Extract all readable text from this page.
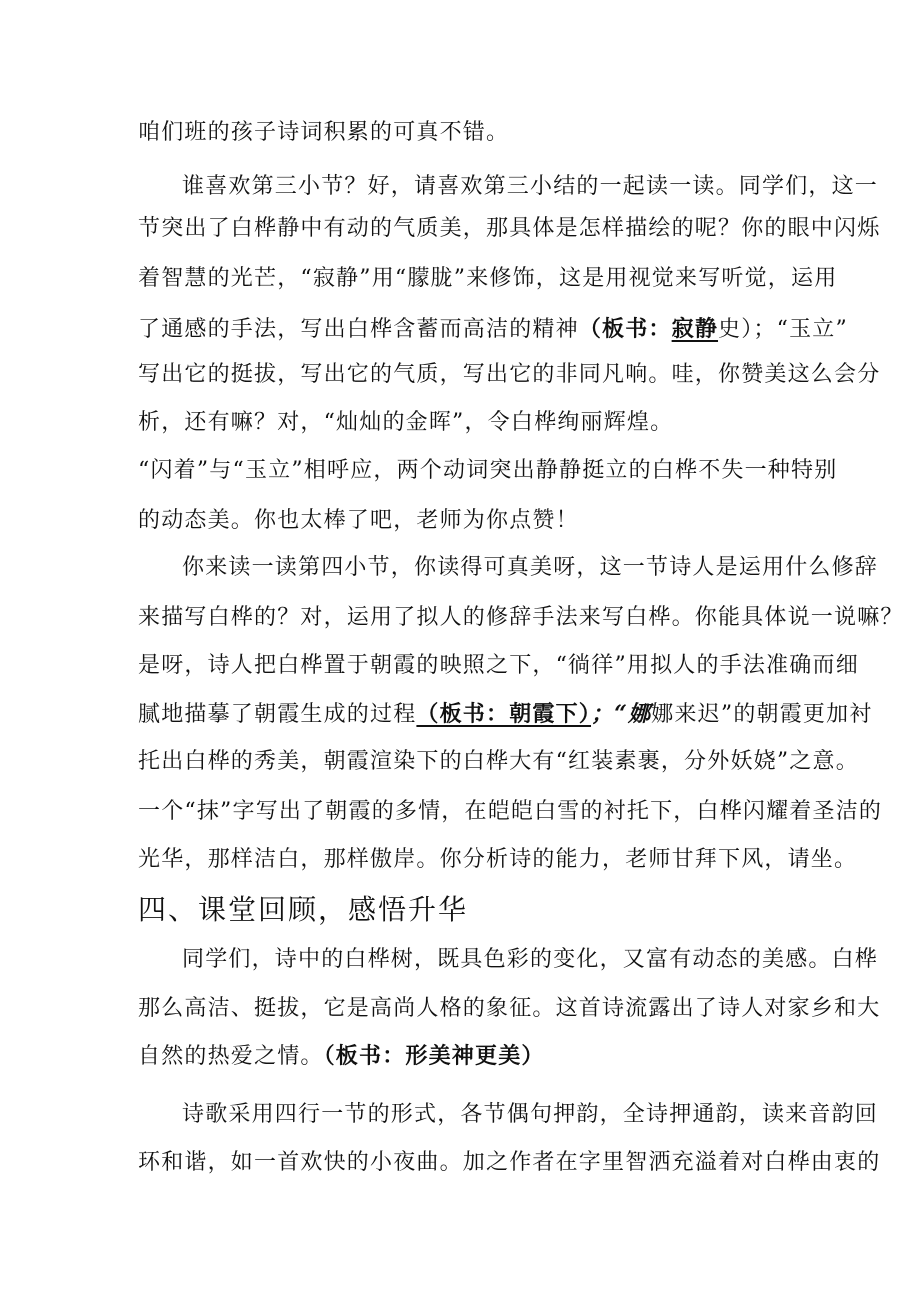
咱们班的孩子诗词积累的可真不错。
谁喜欢第三小节？好，请喜欢第三小结的一起读一读。同学们，这一
节突出了白桦静中有动的气质美，那具体是怎样描绘的呢？你的眼中闪烁
着智慧的光芒，“寂静”用“朦胧”来修饰，这是用视觉来写听觉，运用
了通感的手法，写出白桦含蓄而高洁的精神（板书：寂静史）；“玉立”
写出它的挺拔，写出它的气质，写出它的非同凡响。哇，你赞美这么会分
析，还有嘛？对，“灿灿的金晖”，令白桦绚丽辉煌。
“闪着”与“玉立”相呼应，两个动词突出静静挺立的白桦不失一种特别
的动态美。你也太棒了吧，老师为你点赞！
你来读一读第四小节，你读得可真美呀，这一节诗人是运用什么修辞
来描写白桦的？对，运用了拟人的修辞手法来写白桦。你能具体说一说嘛？
是呀，诗人把白桦置于朝霞的映照之下，“徜徉”用拟人的手法准确而细
腻地描摹了朝霞生成的过程（板书：朝霞下）；“娜娜来迟”的朝霞更加衬
托出白桦的秀美，朝霞渲染下的白桦大有“红装素裹，分外妖娆”之意。
一个“抹”字写出了朝霞的多情，在皑皑白雪的衬托下，白桦闪耀着圣洁的
光华，那样洁白，那样傲岸。你分析诗的能力，老师甘拜下风，请坐。
四、课堂回顾，感悟升华
同学们，诗中的白桦树，既具色彩的变化，又富有动态的美感。白桦
那么高洁、挺拔，它是高尚人格的象征。这首诗流露出了诗人对家乡和大
自然的热爱之情。（板书：形美神更美）
诗歌采用四行一节的形式，各节偶句押韵，全诗押通韵，读来音韵回
环和谐，如一首欢快的小夜曲。加之作者在字里智洒充溢着对白桦由衷的
